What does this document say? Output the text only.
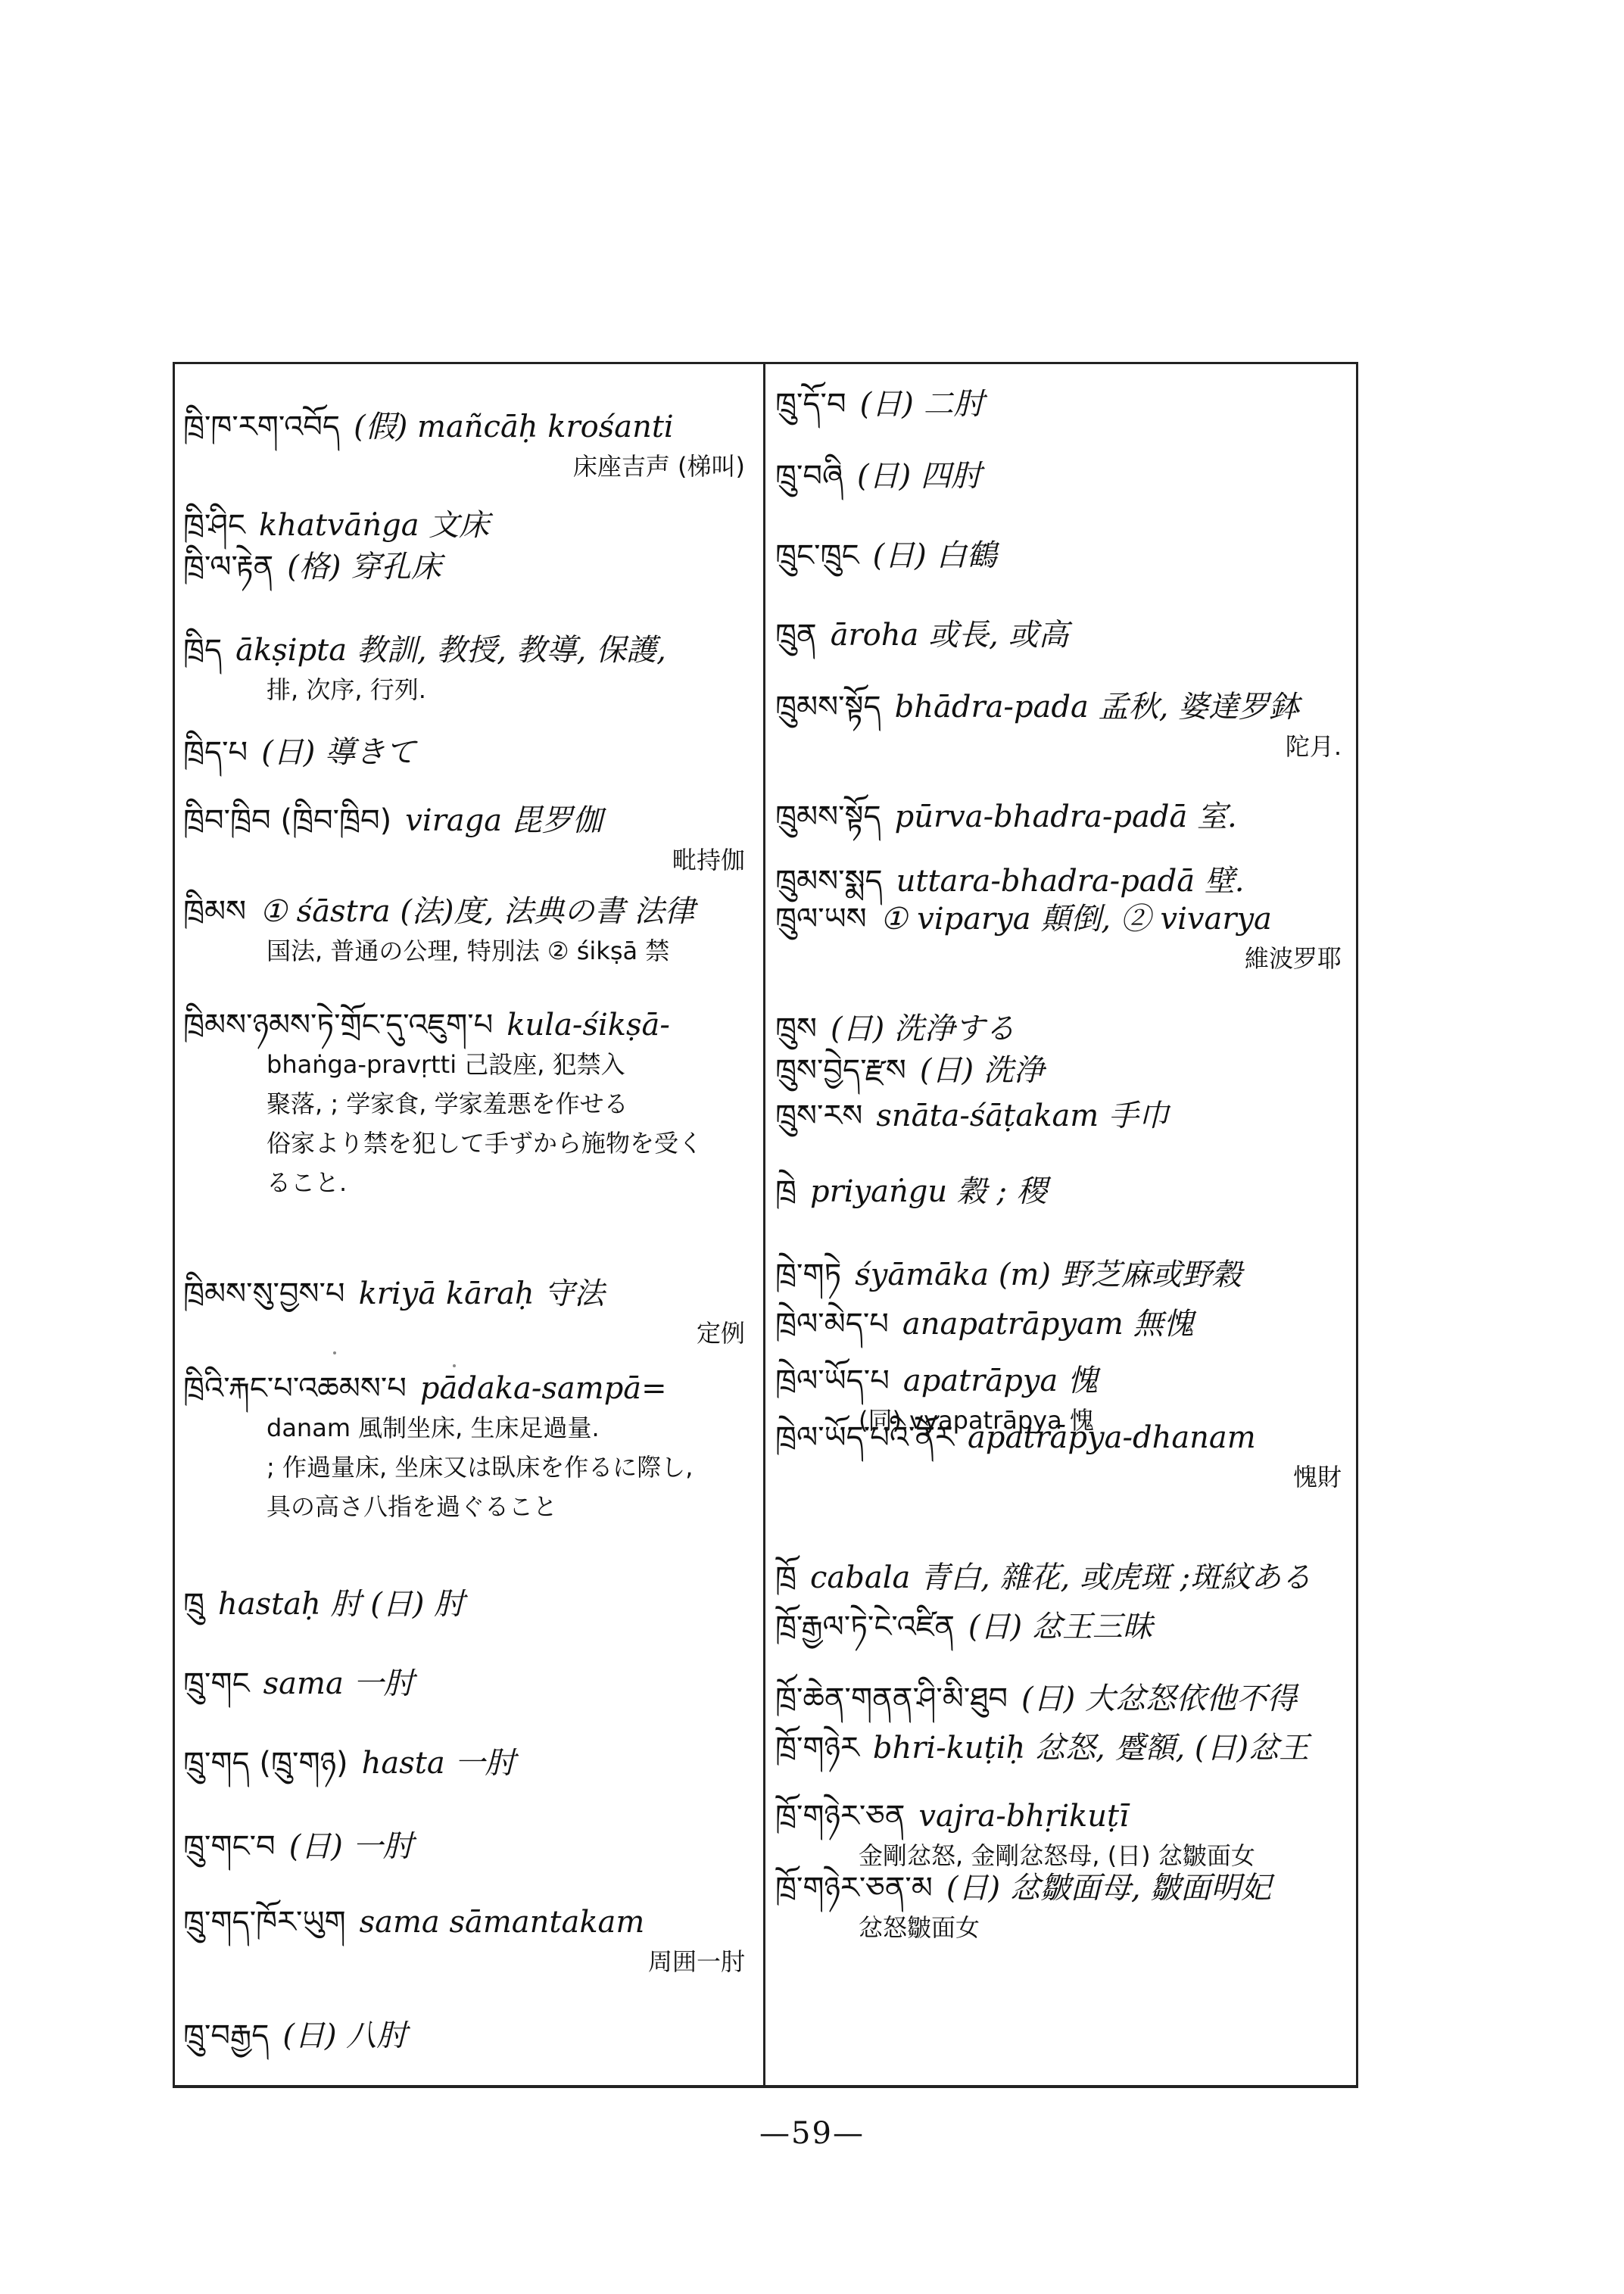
ཁྲི་ཁ་རག་འབོད (假) mañcāḥ krośanti
床座吉声 (梯叫)
ཁྲི་ཤིང khatvāṅga 文床
ཁྲི་ལ་རྟེན (格) 穿孔床
ཁྲིད ākṣipta 教訓, 教授, 教導, 保護,
排, 次序, 行列.
ཁྲིད་པ (日) 導きて
ཁྲིབ་ཁྲིབ (ཁྲིབ་ཁྲིབ) viraga 毘罗伽
毗持伽
ཁྲིམས ① śāstra (法)度, 法典の書 法律
国法, 普通の公理, 特別法 ② śikṣā 禁
ཁྲིམས་ཉམས་ཏེ་གྲོང་དུ་འཇུག་པ kula-śikṣā-
bhaṅga-pravṛtti 己設座, 犯禁入
聚落, ; 学家食, 学家羞悪を作せる
俗家より禁を犯して手ずから施物を受く
ること.
ཁྲིམས་སུ་བྱས་པ kriyā kāraḥ 守法
定例
ཁྲིའི་རྐང་པ་འཆམས་པ pādaka-sampā=
danam 風制坐床, 生床足過量.
; 作過量床, 坐床又は臥床を作るに際し,
具の高さ八指を過ぐること
ཁྲུ hastaḥ 肘 (日) 肘
ཁྲུ་གང sama 一肘
ཁྲུ་གད (ཁྲུ་གཉ) hasta 一肘
ཁྲུ་གང་བ (日) 一肘
ཁྲུ་གད་ཁོར་ཡུག sama sāmantakam
周囲一肘
ཁྲུ་བརྒྱད (日) 八肘
ཁྲུ་དོ་བ (日) 二肘
ཁྲུ་བཞི (日) 四肘
ཁྲུང་ཁྲུང (日) 白鶴
ཁྲུན āroha 或長, 或高
ཁྲུམས་སྟོད bhādra-pada 孟秋, 婆達罗鉢
陀月.
ཁྲུམས་སྟོད pūrva-bhadra-padā 室.
ཁྲུམས་སྨད uttara-bhadra-padā 壁.
ཁྲུལ་ཡས ① viparya 顛倒, ② vivarya
維波罗耶
ཁྲུས (日) 洗浄する
ཁྲུས་བྱེད་རྫས (日) 洗浄
ཁྲུས་རས snāta-śāṭakam 手巾
ཁྲེ priyaṅgu 穀 ; 稷
ཁྲེ་གཏེ śyāmāka (m) 野芝麻或野穀
ཁྲེལ་མེད་པ anapatrāpyam 無愧
ཁྲེལ་ཡོད་པ apatrāpya 愧
(同) vyapatrāpya 愧
ཁྲེལ་ཡོད་པའི་ནོར apatrāpya-dhanam
愧財
ཁྲོ cabala 青白, 雜花, 或虎斑 ;斑紋ある
ཁྲོ་རྒྱལ་ཏེ་ངེ་འཛིན (日) 忿王三昧
ཁྲོ་ཆེན་གནན་ཤི་མི་ཐུབ (日) 大忿怒依他不得
ཁྲོ་གཉེར bhri-kuṭiḥ 忿怒, 蹙額, (日)忿王
ཁྲོ་གཉེར་ཅན vajra-bhṛikuṭī
金剛忿怒, 金剛忿怒母, (日) 忿皺面女
ཁྲོ་གཉེར་ཅན་མ (日) 忿皺面母, 皺面明妃
忿怒皺面女
—59—
